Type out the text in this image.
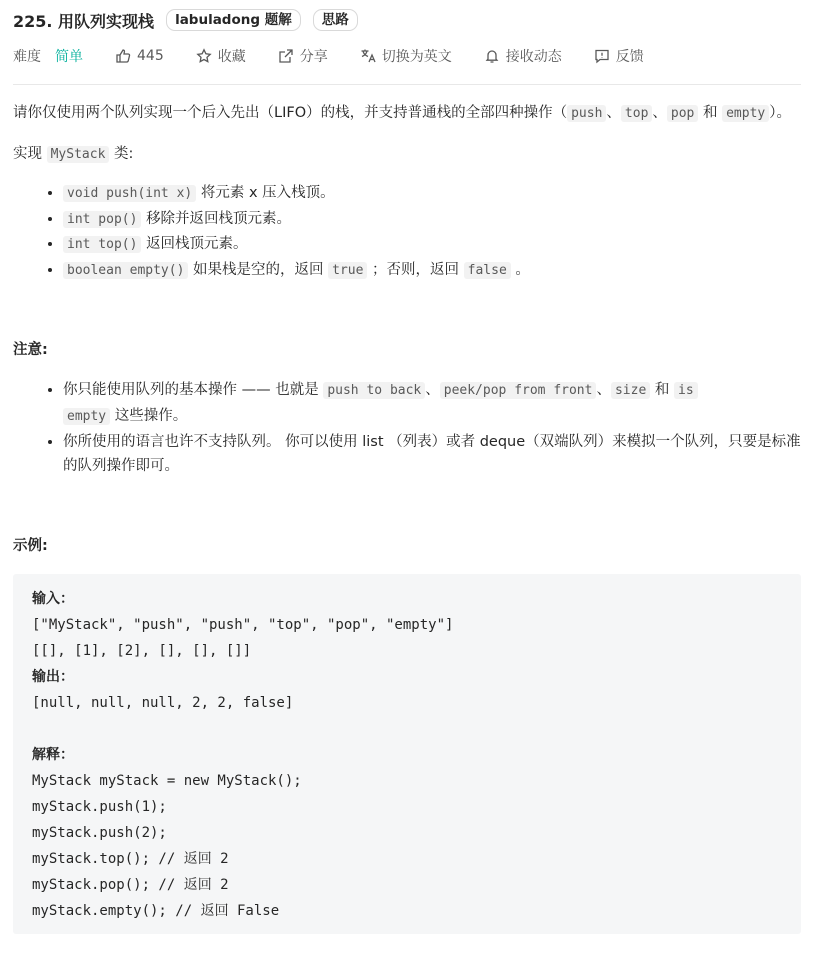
225. 用队列实现栈	labuladong 题解	思路
难度 简单	445	收藏	分享	切换为英文	接收动态	反馈

请你仅使用两个队列实现一个后入先出（LIFO）的栈，并支持普通栈的全部四种操作（ push 、 top 、 pop 和 empty ）。

实现 MyStack 类:

• void push(int x) 将元素 x 压入栈顶。
• int pop() 移除并返回栈顶元素。
• int top() 返回栈顶元素。
• boolean empty() 如果栈是空的，返回 true ；否则，返回 false 。

注意:

• 你只能使用队列的基本操作 —— 也就是 push to back 、 peek/pop from front 、 size 和 is
empty 这些操作。
• 你所使用的语言也许不支持队列。 你可以使用 list （列表）或者 deque（双端队列）来模拟一个队列，只要是标准的队列操作即可。

示例:

输入：
["MyStack", "push", "push", "top", "pop", "empty"]
[[], [1], [2], [], [], []]
输出：
[null, null, null, 2, 2, false]

解释：
MyStack myStack = new MyStack();
myStack.push(1);
myStack.push(2);
myStack.top(); // 返回 2
myStack.pop(); // 返回 2
myStack.empty(); // 返回 False
